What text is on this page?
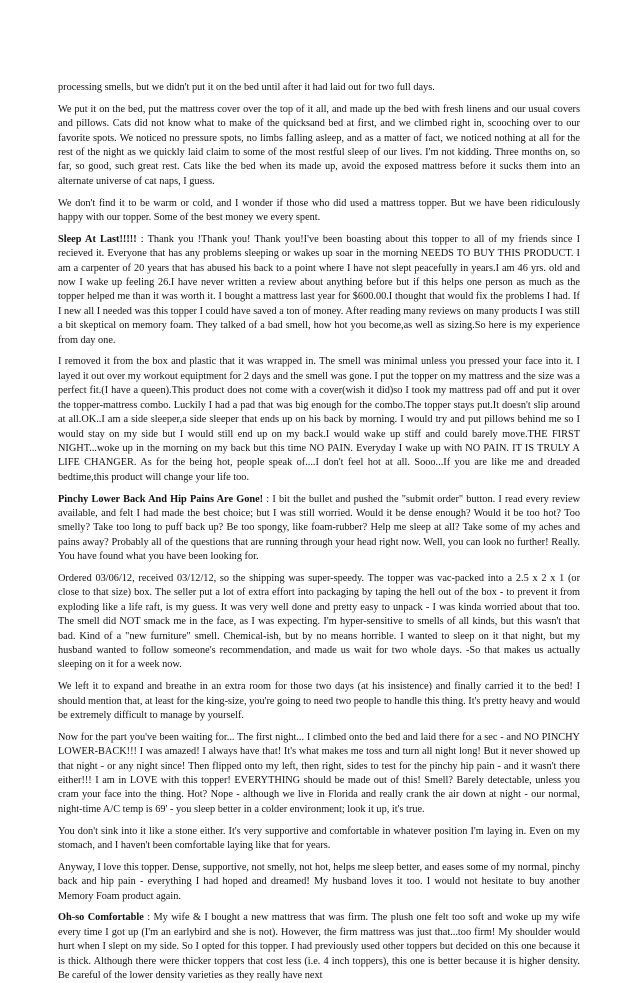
processing smells, but we didn't put it on the bed until after it had laid out for two full days.

We put it on the bed, put the mattress cover over the top of it all, and made up the bed with fresh linens and our usual covers and pillows. Cats did not know what to make of the quicksand bed at first, and we climbed right in, scooching over to our favorite spots. We noticed no pressure spots, no limbs falling asleep, and as a matter of fact, we noticed nothing at all for the rest of the night as we quickly laid claim to some of the most restful sleep of our lives. I'm not kidding. Three months on, so far, so good, such great rest. Cats like the bed when its made up, avoid the exposed mattress before it sucks them into an alternate universe of cat naps, I guess.

We don't find it to be warm or cold, and I wonder if those who did used a mattress topper. But we have been ridiculously happy with our topper. Some of the best money we every spent.

Sleep At Last!!!!! : Thank you !Thank you! Thank you!I've been boasting about this topper to all of my friends since I recieved it. Everyone that has any problems sleeping or wakes up soar in the morning NEEDS TO BUY THIS PRODUCT. I am a carpenter of 20 years that has abused his back to a point where I have not slept peacefully in years.I am 46 yrs. old and now I wake up feeling 26.I have never written a review about anything before but if this helps one person as much as the topper helped me than it was worth it. I bought a mattress last year for $600.00.I thought that would fix the problems I had. If I new all I needed was this topper I could have saved a ton of money. After reading many reviews on many products I was still a bit skeptical on memory foam. They talked of a bad smell, how hot you become,as well as sizing.So here is my experience from day one.

I removed it from the box and plastic that it was wrapped in. The smell was minimal unless you pressed your face into it. I layed it out over my workout equiptment for 2 days and the smell was gone. I put the topper on my mattress and the size was a perfect fit.(I have a queen).This product does not come with a cover(wish it did)so I took my mattress pad off and put it over the topper-mattress combo. Luckily I had a pad that was big enough for the combo.The topper stays put.It doesn't slip around at all.OK..I am a side sleeper,a side sleeper that ends up on his back by morning. I would try and put pillows behind me so I would stay on my side but I would still end up on my back.I would wake up stiff and could barely move.THE FIRST NIGHT...woke up in the morning on my back but this time NO PAIN. Everyday I wake up with NO PAIN. IT IS TRULY A LIFE CHANGER. As for the being hot, people speak of....I don't feel hot at all. Sooo...If you are like me and dreaded bedtime,this product will change your life too.

Pinchy Lower Back And Hip Pains Are Gone! : I bit the bullet and pushed the "submit order" button. I read every review available, and felt I had made the best choice; but I was still worried. Would it be dense enough? Would it be too hot? Too smelly? Take too long to puff back up? Be too spongy, like foam-rubber? Help me sleep at all? Take some of my aches and pains away? Probably all of the questions that are running through your head right now. Well, you can look no further! Really. You have found what you have been looking for.

Ordered 03/06/12, received 03/12/12, so the shipping was super-speedy. The topper was vac-packed into a 2.5 x 2 x 1 (or close to that size) box. The seller put a lot of extra effort into packaging by taping the hell out of the box - to prevent it from exploding like a life raft, is my guess. It was very well done and pretty easy to unpack - I was kinda worried about that too. The smell did NOT smack me in the face, as I was expecting. I'm hyper-sensitive to smells of all kinds, but this wasn't that bad. Kind of a "new furniture" smell. Chemical-ish, but by no means horrible. I wanted to sleep on it that night, but my husband wanted to follow someone's recommendation, and made us wait for two whole days. -So that makes us actually sleeping on it for a week now.

We left it to expand and breathe in an extra room for those two days (at his insistence) and finally carried it to the bed! I should mention that, at least for the king-size, you're going to need two people to handle this thing. It's pretty heavy and would be extremely difficult to manage by yourself.

Now for the part you've been waiting for... The first night... I climbed onto the bed and laid there for a sec - and NO PINCHY LOWER-BACK!!! I was amazed! I always have that! It's what makes me toss and turn all night long! But it never showed up that night - or any night since! Then flipped onto my left, then right, sides to test for the pinchy hip pain - and it wasn't there either!!! I am in LOVE with this topper! EVERYTHING should be made out of this! Smell? Barely detectable, unless you cram your face into the thing. Hot? Nope - although we live in Florida and really crank the air down at night - our normal, night-time A/C temp is 69' - you sleep better in a colder environment; look it up, it's true.

You don't sink into it like a stone either. It's very supportive and comfortable in whatever position I'm laying in. Even on my stomach, and I haven't been comfortable laying like that for years.

Anyway, I love this topper. Dense, supportive, not smelly, not hot, helps me sleep better, and eases some of my normal, pinchy back and hip pain - everything I had hoped and dreamed! My husband loves it too. I would not hesitate to buy another Memory Foam product again.

Oh-so Comfortable : My wife & I bought a new mattress that was firm. The plush one felt too soft and woke up my wife every time I got up (I'm an earlybird and she is not). However, the firm mattress was just that...too firm! My shoulder would hurt when I slept on my side. So I opted for this topper. I had previously used other toppers but decided on this one because it is thick. Although there were thicker toppers that cost less (i.e. 4 inch toppers), this one is better because it is higher density. Be careful of the lower density varieties as they really have next
